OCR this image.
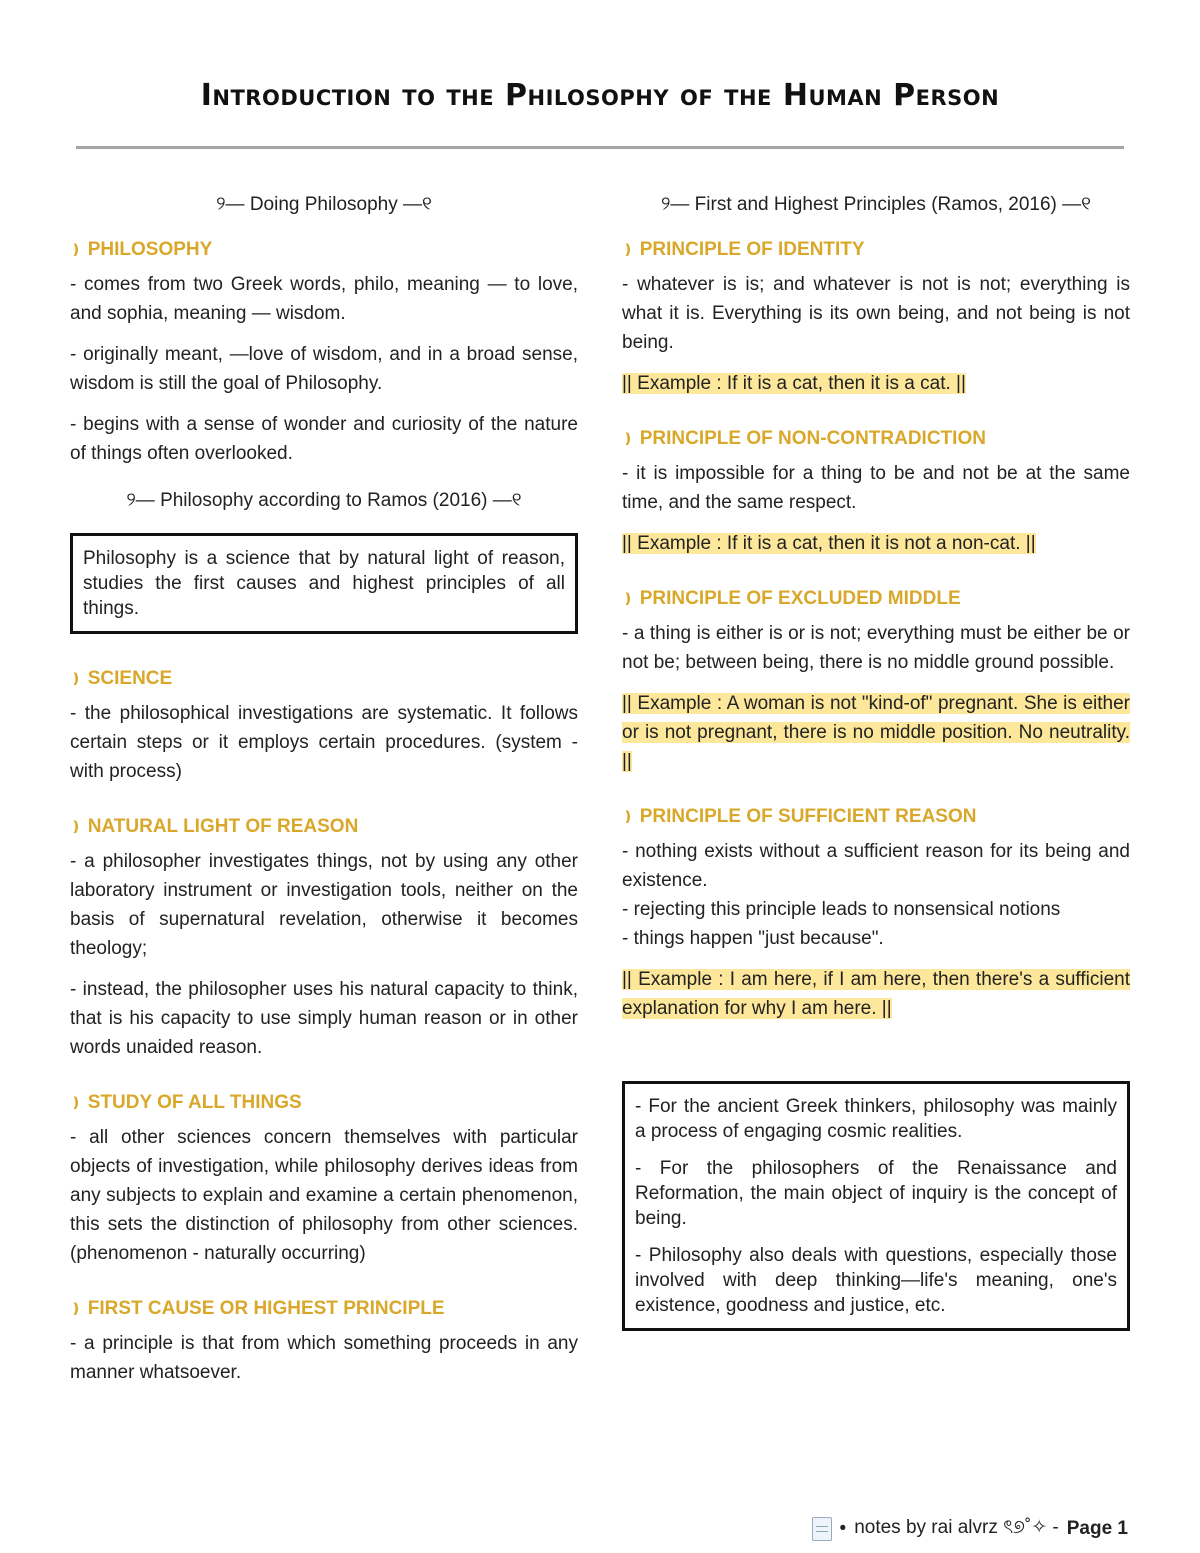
Introduction to the Philosophy of the Human Person
୨— Doing Philosophy —୧
❫ PHILOSOPHY

- comes from two Greek words, philo, meaning — to love, and sophia, meaning — wisdom.

- originally meant, —love of wisdom, and in a broad sense, wisdom is still the goal of Philosophy.

- begins with a sense of wonder and curiosity of the nature of things often overlooked.

୨— Philosophy according to Ramos (2016) —୧

Philosophy is a science that by natural light of reason, studies the first causes and highest principles of all things.

❫ SCIENCE

- the philosophical investigations are systematic. It follows certain steps or it employs certain procedures. (system - with process)

❫ NATURAL LIGHT OF REASON

- a philosopher investigates things, not by using any other laboratory instrument or investigation tools, neither on the basis of supernatural revelation, otherwise it becomes theology;

- instead, the philosopher uses his natural capacity to think, that is his capacity to use simply human reason or in other words unaided reason.

❫ STUDY OF ALL THINGS

- all other sciences concern themselves with particular objects of investigation, while philosophy derives ideas from any subjects to explain and examine a certain phenomenon, this sets the distinction of philosophy from other sciences. (phenomenon - naturally occurring)

❫ FIRST CAUSE OR HIGHEST PRINCIPLE

- a principle is that from which something proceeds in any manner whatsoever.

୨— First and Highest Principles (Ramos, 2016) —୧
❫ PRINCIPLE OF IDENTITY

- whatever is is; and whatever is not is not; everything is what it is. Everything is its own being, and not being is not being.

|| Example : If it is a cat, then it is a cat. ||
❫ PRINCIPLE OF NON-CONTRADICTION

- it is impossible for a thing to be and not be at the same time, and the same respect.

|| Example : If it is a cat, then it is not a non-cat. ||
❫ PRINCIPLE OF EXCLUDED MIDDLE

- a thing is either is or is not; everything must be either be or not be; between being, there is no middle ground possible.

|| Example : A woman is not "kind-of" pregnant. She is either or is not pregnant, there is no middle position. No neutrality. ||
❫ PRINCIPLE OF SUFFICIENT REASON

- nothing exists without a sufficient reason for its being and existence.

- rejecting this principle leads to nonsensical notions

- things happen "just because".

|| Example : I am here, if I am here, then there's a sufficient explanation for why I am here. ||

- For the ancient Greek thinkers, philosophy was mainly a process of engaging cosmic realities.

- For the philosophers of the Renaissance and Reformation, the main object of inquiry is the concept of being.

- Philosophy also deals with questions, especially those involved with deep thinking—life's meaning, one's existence, goodness and justice, etc.

• notes by rai alvrz ৎ୭˚✧ - Page 1
